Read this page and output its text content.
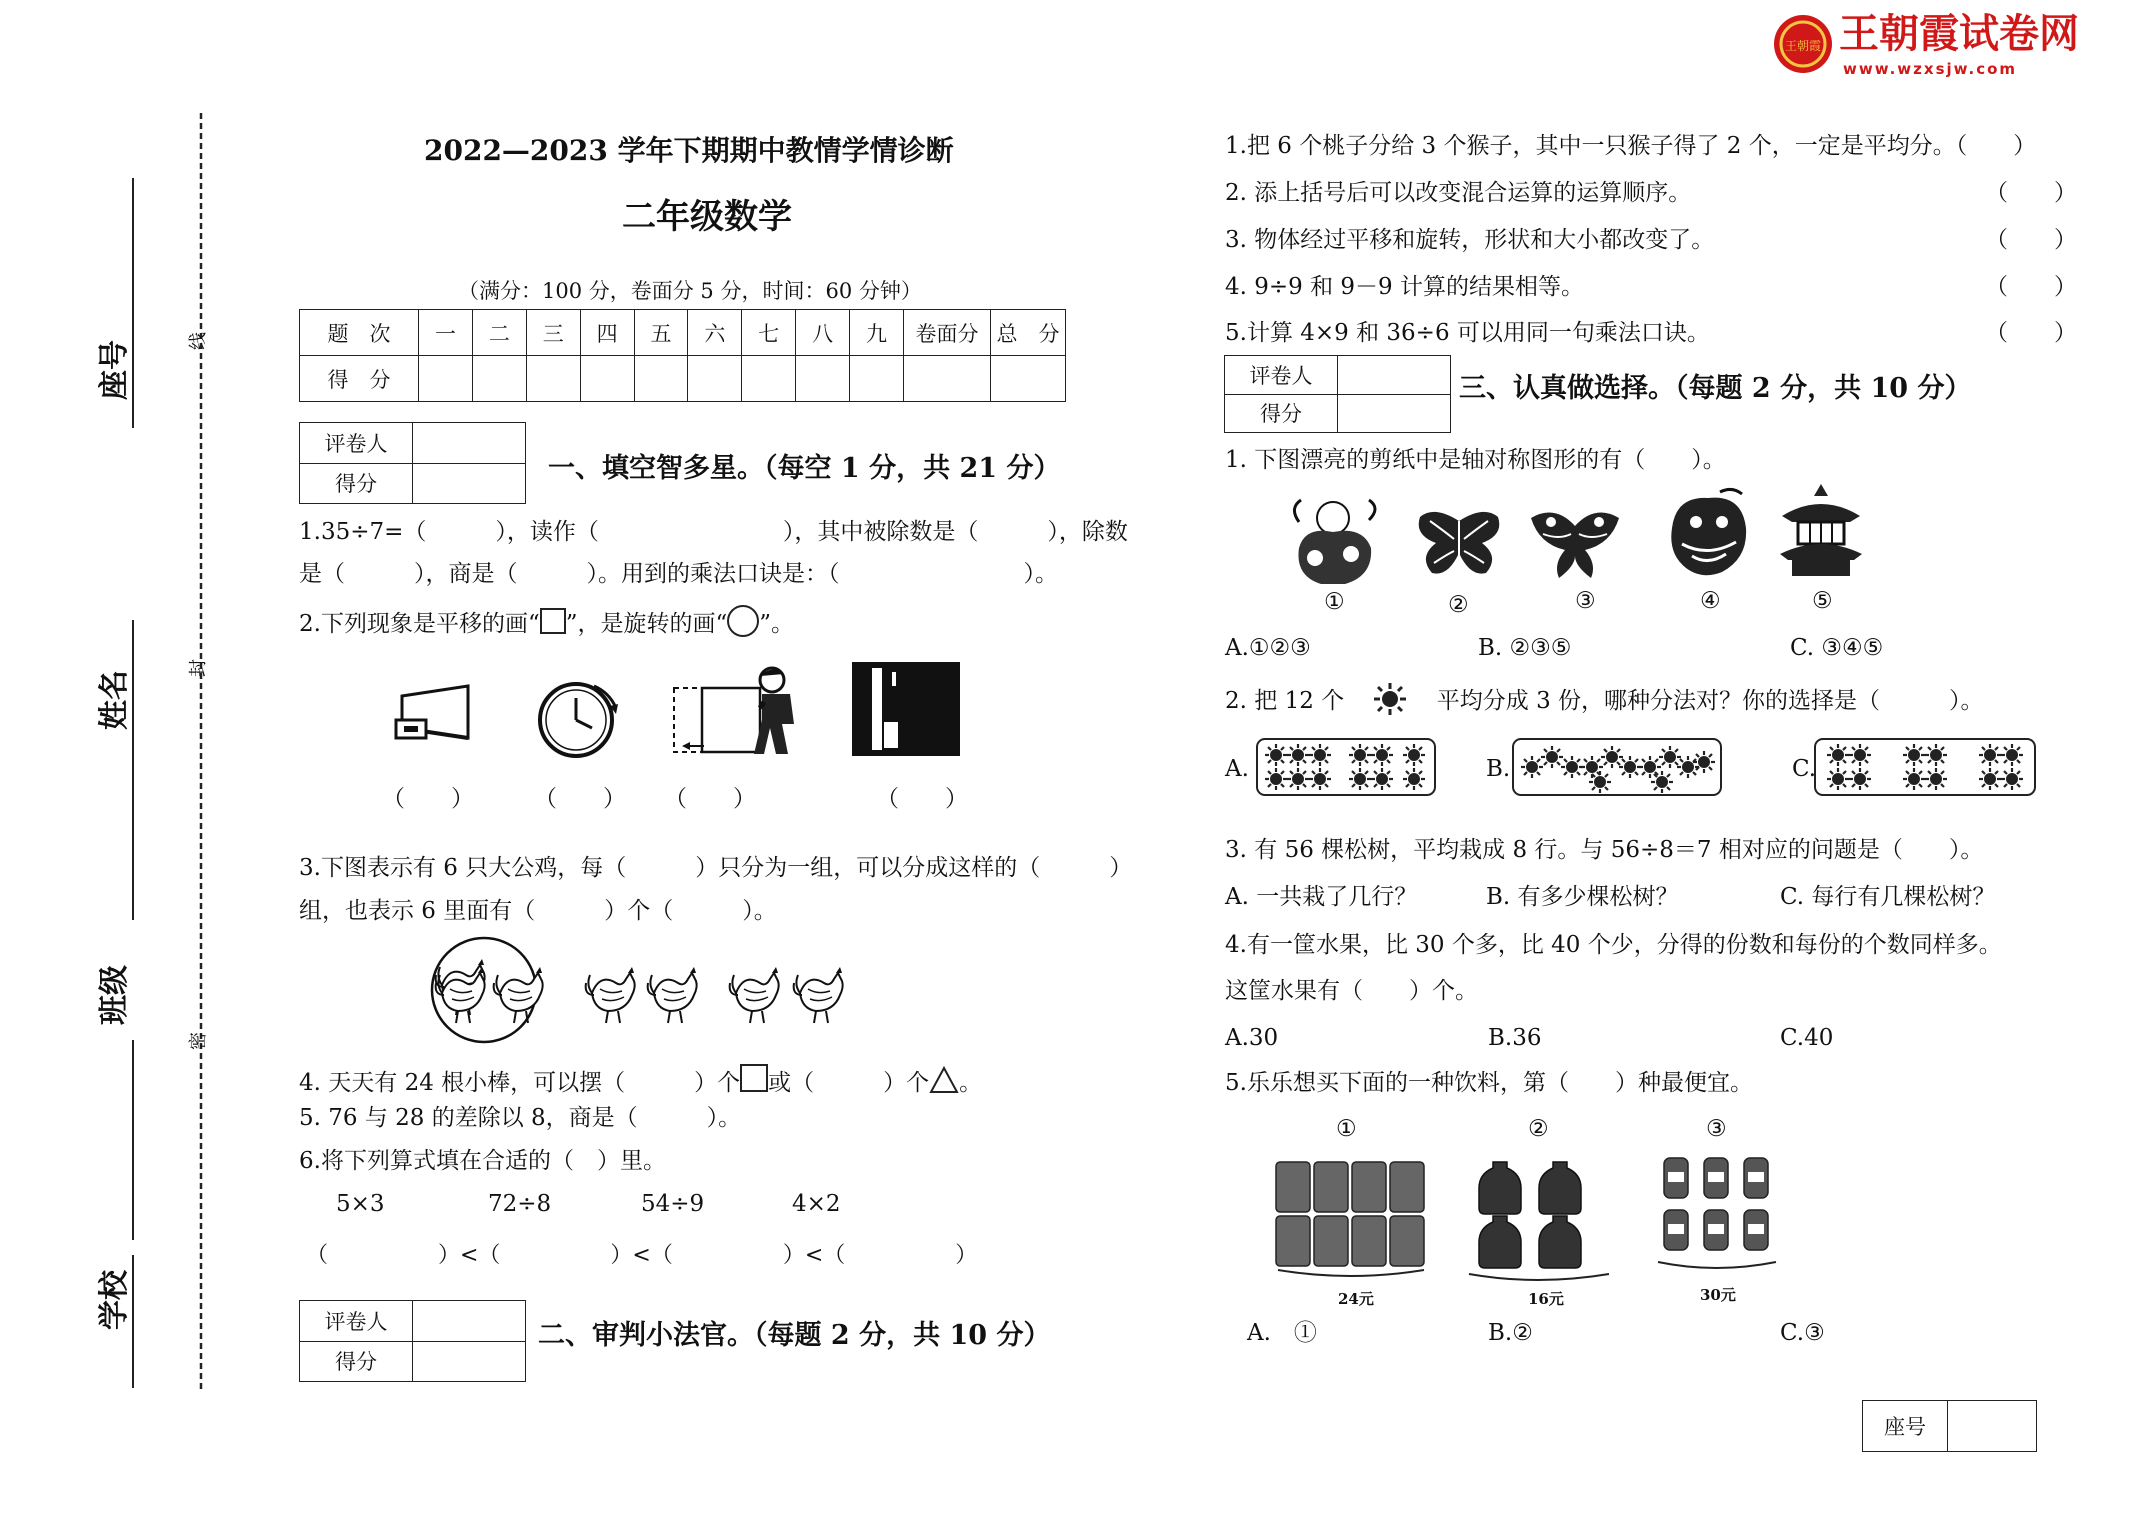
王朝霞 王朝霞试卷网
www.wzxsjw.com
座号
姓名
班级
学校
线
封
密
2022—2023 学年下期期中教情学情诊断
二年级数学
（满分：100 分，卷面分 5 分，时间：60 分钟）
题　次	一	二	三	四	五	六	七	八	九	卷面分	总　分
得　分											
评卷人	
得分	
一、填空智多星。（每空 1 分，共 21 分）
1.35÷7=（　　　），读作（　　　　　　　　），其中被除数是（　　　），除数
是（　　　），商是（　　　）。用到的乘法口诀是：（　　　　　　　　）。
2.下列现象是平移的画“ ”，是旋转的画“ ”。
（　　）	（　　） （　　）	（　　）
3.下图表示有 6 只大公鸡，每（　　　）只分为一组，可以分成这样的（　　　）
组，也表示 6 里面有（　　　）个（　　　）。
4. 天天有 24 根小棒，可以摆（　　　）个 或（　　　）个 。
5. 76 与 28 的差除以 8，商是（　　　）。
6.将下列算式填在合适的（　）里。
5×3	72÷8	54÷9	4×2
（　　　　　）<（　　　　　）<（　　　　　）<（　　　　　）
评卷人	
得分	
二、审判小法官。（每题 2 分，共 10 分）
1.把 6 个桃子分给 3 个猴子，其中一只猴子得了 2 个，一定是平均分。（　　）
2. 添上括号后可以改变混合运算的运算顺序。	（　　）
3. 物体经过平移和旋转，形状和大小都改变了。	（　　）
4. 9÷9 和 9－9 计算的结果相等。	（　　）
5.计算 4×9 和 36÷6 可以用同一句乘法口诀。	（　　）
评卷人	
得分	
三、认真做选择。（每题 2 分，共 10 分）
1. 下图漂亮的剪纸中是轴对称图形的有（　　）。
①	②	③	④	⑤
A.①②③	B. ②③⑤	C. ③④⑤
2. 把 12 个	平均分成 3 份，哪种分法对？你的选择是（　　　）。
A.	B.	C.
3. 有 56 棵松树，平均栽成 8 行。与 56÷8＝7 相对应的问题是（　　）。
A. 一共栽了几行？	B. 有多少棵松树？	C. 每行有几棵松树？
4.有一筐水果，比 30 个多，比 40 个少，分得的份数和每份的个数同样多。
这筐水果有（　　）个。
A.30	B.36	C.40
5.乐乐想买下面的一种饮料，第（　　）种最便宜。
①	②	③
24元	16元	30元
A.　①	B.②	C.③
座号	
